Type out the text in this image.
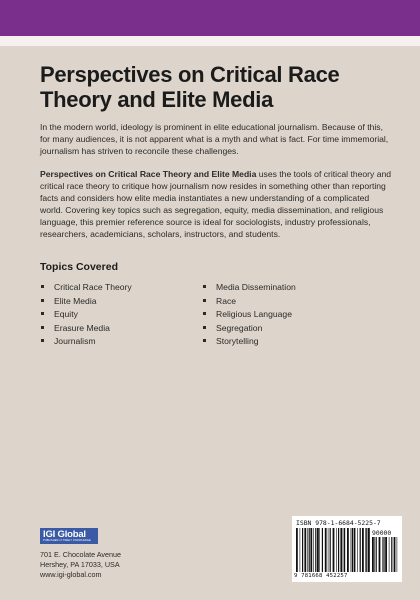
Perspectives on Critical Race Theory and Elite Media

In the modern world, ideology is prominent in elite educational journalism. Because of this, for many audiences, it is not apparent what is a myth and what is fact. For time immemorial, journalism has striven to reconcile these challenges.

Perspectives on Critical Race Theory and Elite Media uses the tools of critical theory and critical race theory to critique how journalism now resides in something other than reporting facts and considers how elite media instantiates a new understanding of a complicated world. Covering key topics such as segregation, equity, media dissemination, and religious language, this premier reference source is ideal for sociologists, industry professionals, researchers, academicians, scholars, instructors, and students.

Topics Covered
Critical Race Theory
Elite Media
Equity
Erasure Media
Journalism
Media Dissemination
Race
Religious Language
Segregation
Storytelling
IGI Global
PUBLISHER of TIMELY KNOWLEDGE
701 E. Chocolate Avenue
Hershey, PA 17033, USA
www.igi-global.com
ISBN 978-1-6684-5225-7
90000
9 781668 452257
